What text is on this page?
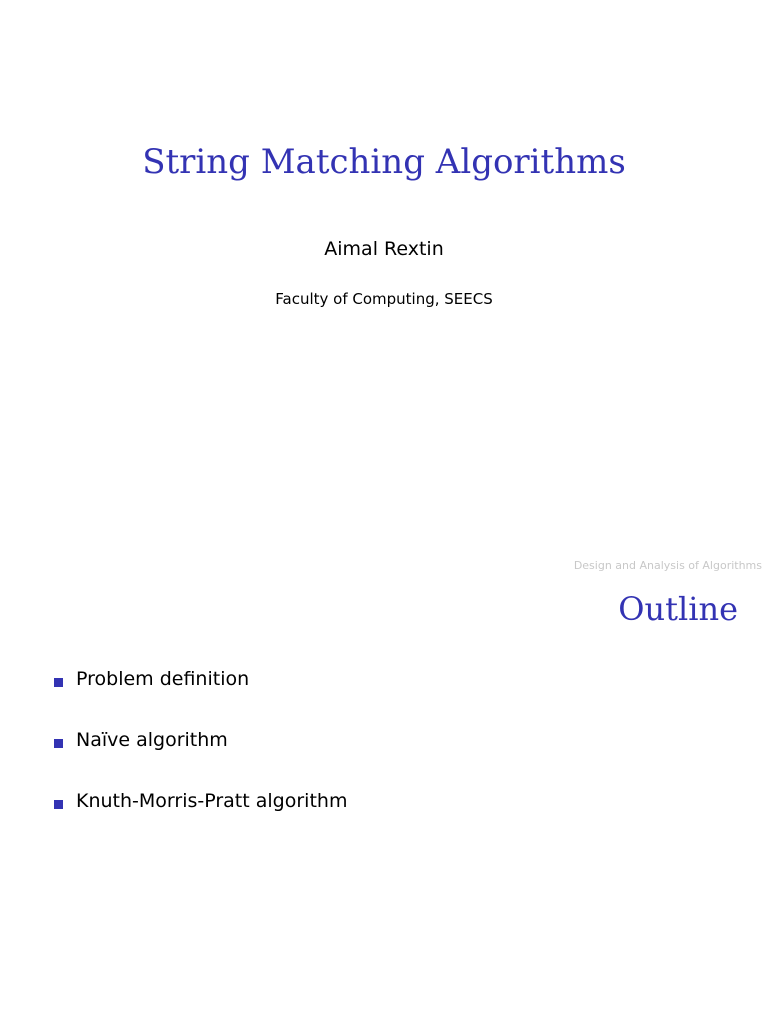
String Matching Algorithms
Aimal Rextin
Faculty of Computing, SEECS
Design and Analysis of Algorithms
Outline
Problem definition
Naïve algorithm
Knuth-Morris-Pratt algorithm
